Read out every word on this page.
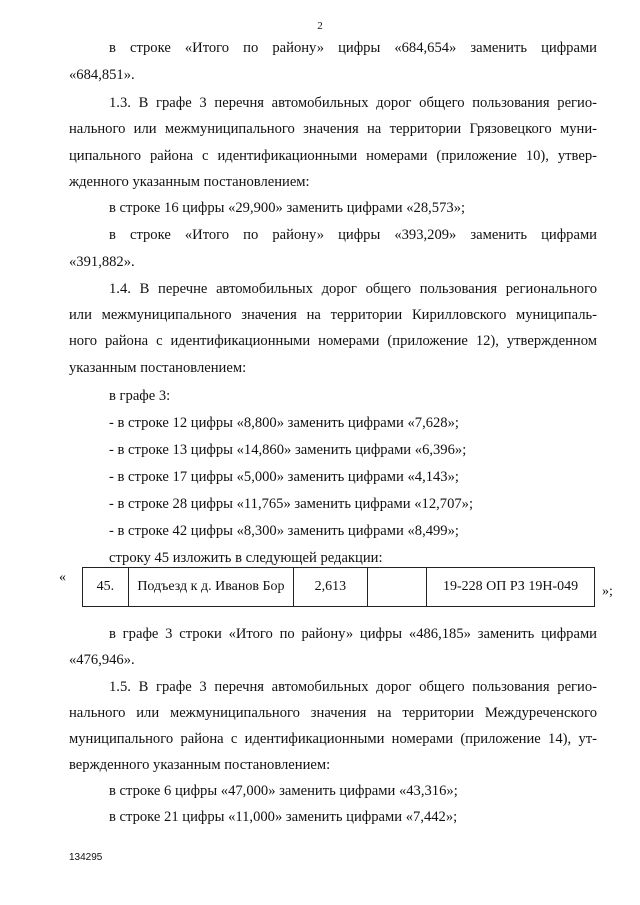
2
в строке «Итого по району» цифры «684,654» заменить цифрами
«684,851».
1.3. В графе 3 перечня автомобильных дорог общего пользования регио-
нального или межмуниципального значения на территории Грязовецкого муни-
ципального района с идентификационными номерами (приложение 10), утвер-
жденного указанным постановлением:
в строке 16 цифры «29,900» заменить цифрами «28,573»;
в строке «Итого по району» цифры «393,209» заменить цифрами
«391,882».
1.4. В перечне автомобильных дорог общего пользования регионального
или межмуниципального значения на территории Кирилловского муниципаль-
ного района с идентификационными номерами (приложение 12), утвержденном
указанным постановлением:
в графе 3:
- в строке 12 цифры «8,800» заменить цифрами «7,628»;
- в строке 13 цифры «14,860» заменить цифрами «6,396»;
- в строке 17 цифры «5,000» заменить цифрами «4,143»;
- в строке 28 цифры «11,765» заменить цифрами «12,707»;
- в строке 42 цифры «8,300» заменить цифрами «8,499»;
строку 45 изложить в следующей редакции:
«
45.	Подъезд к д. Иванов Бор	2,613		19-228 ОП РЗ 19Н-049 »;
в графе 3 строки «Итого по району» цифры «486,185» заменить цифрами
«476,946».
1.5. В графе 3 перечня автомобильных дорог общего пользования регио-
нального или межмуниципального значения на территории Междуреченского
муниципального района с идентификационными номерами (приложение 14), ут-
вержденного указанным постановлением:
в строке 6 цифры «47,000» заменить цифрами «43,316»;
в строке 21 цифры «11,000» заменить цифрами «7,442»;
134295
